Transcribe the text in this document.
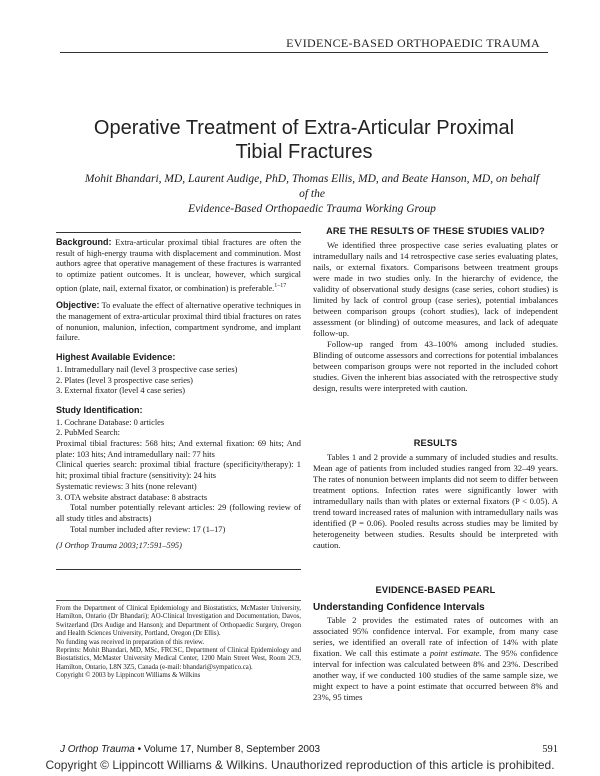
EVIDENCE-BASED ORTHOPAEDIC TRAUMA
Operative Treatment of Extra-Articular Proximal
Tibial Fractures
Mohit Bhandari, MD, Laurent Audige, PhD, Thomas Ellis, MD, and Beate Hanson, MD, on behalf of the
Evidence-Based Orthopaedic Trauma Working Group

Background: Extra-articular proximal tibial fractures are often the result of high-energy trauma with displacement and comminution. Most authors agree that operative management of these fractures is warranted to optimize patient outcomes. It is unclear, however, which surgical option (plate, nail, external fixator, or combination) is preferable.$^{1-17}$

Objective: To evaluate the effect of alternative operative techniques in the management of extra-articular proximal third tibial fractures on rates of nonunion, malunion, infection, compartment syndrome, and implant failure.

Highest Available Evidence:
1. Intramedullary nail (level 3 prospective case series)
2. Plates (level 3 prospective case series)
3. External fixator (level 4 case series)
Study Identification:
1. Cochrane Database: 0 articles
2. PubMed Search:
Proximal tibial fractures: 568 hits; And external fixation: 69 hits; And plate: 103 hits; And intramedullary nail: 77 hits
Clinical queries search: proximal tibial fracture (specificity/therapy): 1 hit; proximal tibial fracture (sensitivity): 24 hits
Systematic reviews: 3 hits (none relevant)
3. OTA website abstract database: 8 abstracts

Total number potentially relevant articles: 29 (following review of all study titles and abstracts)

Total number included after review: 17 (1–17)

(J Orthop Trauma 2003;17:591–595)

From the Department of Clinical Epidemiology and Biostatistics, McMaster University, Hamilton, Ontario (Dr Bhandari); AO-Clinical Investigation and Documentation, Davos, Switzerland (Drs Audige and Hanson); and Department of Orthopaedic Surgery, Oregon and Health Sciences University, Portland, Oregon (Dr Ellis).

No funding was received in preparation of this review.

Reprints: Mohit Bhandari, MD, MSc, FRCSC, Department of Clinical Epidemiology and Biostatistics, McMaster University Medical Center, 1200 Main Street West, Room 2C9, Hamilton, Ontario, L8N 3Z5, Canada (e-mail: bhandari@sympatico.ca).

Copyright © 2003 by Lippincott Williams & Wilkins

ARE THE RESULTS OF THESE STUDIES VALID?

We identified three prospective case series evaluating plates or intramedullary nails and 14 retrospective case series evaluating plates, nails, or external fixators. Comparisons between treatment groups were made in two studies only. In the hierarchy of evidence, the validity of observational study designs (case series, cohort studies) is limited by lack of control group (case series), potential imbalances between comparison groups (cohort studies), lack of independent assessment (or blinding) of outcome measures, and lack of adequate follow-up.

Follow-up ranged from 43–100% among included studies. Blinding of outcome assessors and corrections for potential imbalances between comparison groups were not reported in the included cohort studies. Given the inherent bias associated with the retrospective study design, results were interpreted with caution.

RESULTS

Tables 1 and 2 provide a summary of included studies and results. Mean age of patients from included studies ranged from 32–49 years. The rates of nonunion between implants did not seem to differ between treatment options. Infection rates were significantly lower with intramedullary nails than with plates or external fixators (P < 0.05). A trend toward increased rates of malunion with intramedullary nails was identified (P = 0.06). Pooled results across studies may be limited by heterogeneity between studies. Results should be interpreted with caution.

EVIDENCE-BASED PEARL
Understanding Confidence Intervals

Table 2 provides the estimated rates of outcomes with an associated 95% confidence interval. For example, from many case series, we identified an overall rate of infection of 14% with plate fixation. We call this estimate a point estimate. The 95% confidence interval for infection was calculated between 8% and 23%. Described another way, if we conducted 100 studies of the same sample size, we might expect to have a point estimate that occurred between 8% and 23%, 95 times

J Orthop Trauma • Volume 17, Number 8, September 2003	591
Copyright © Lippincott Williams & Wilkins. Unauthorized reproduction of this article is prohibited.
